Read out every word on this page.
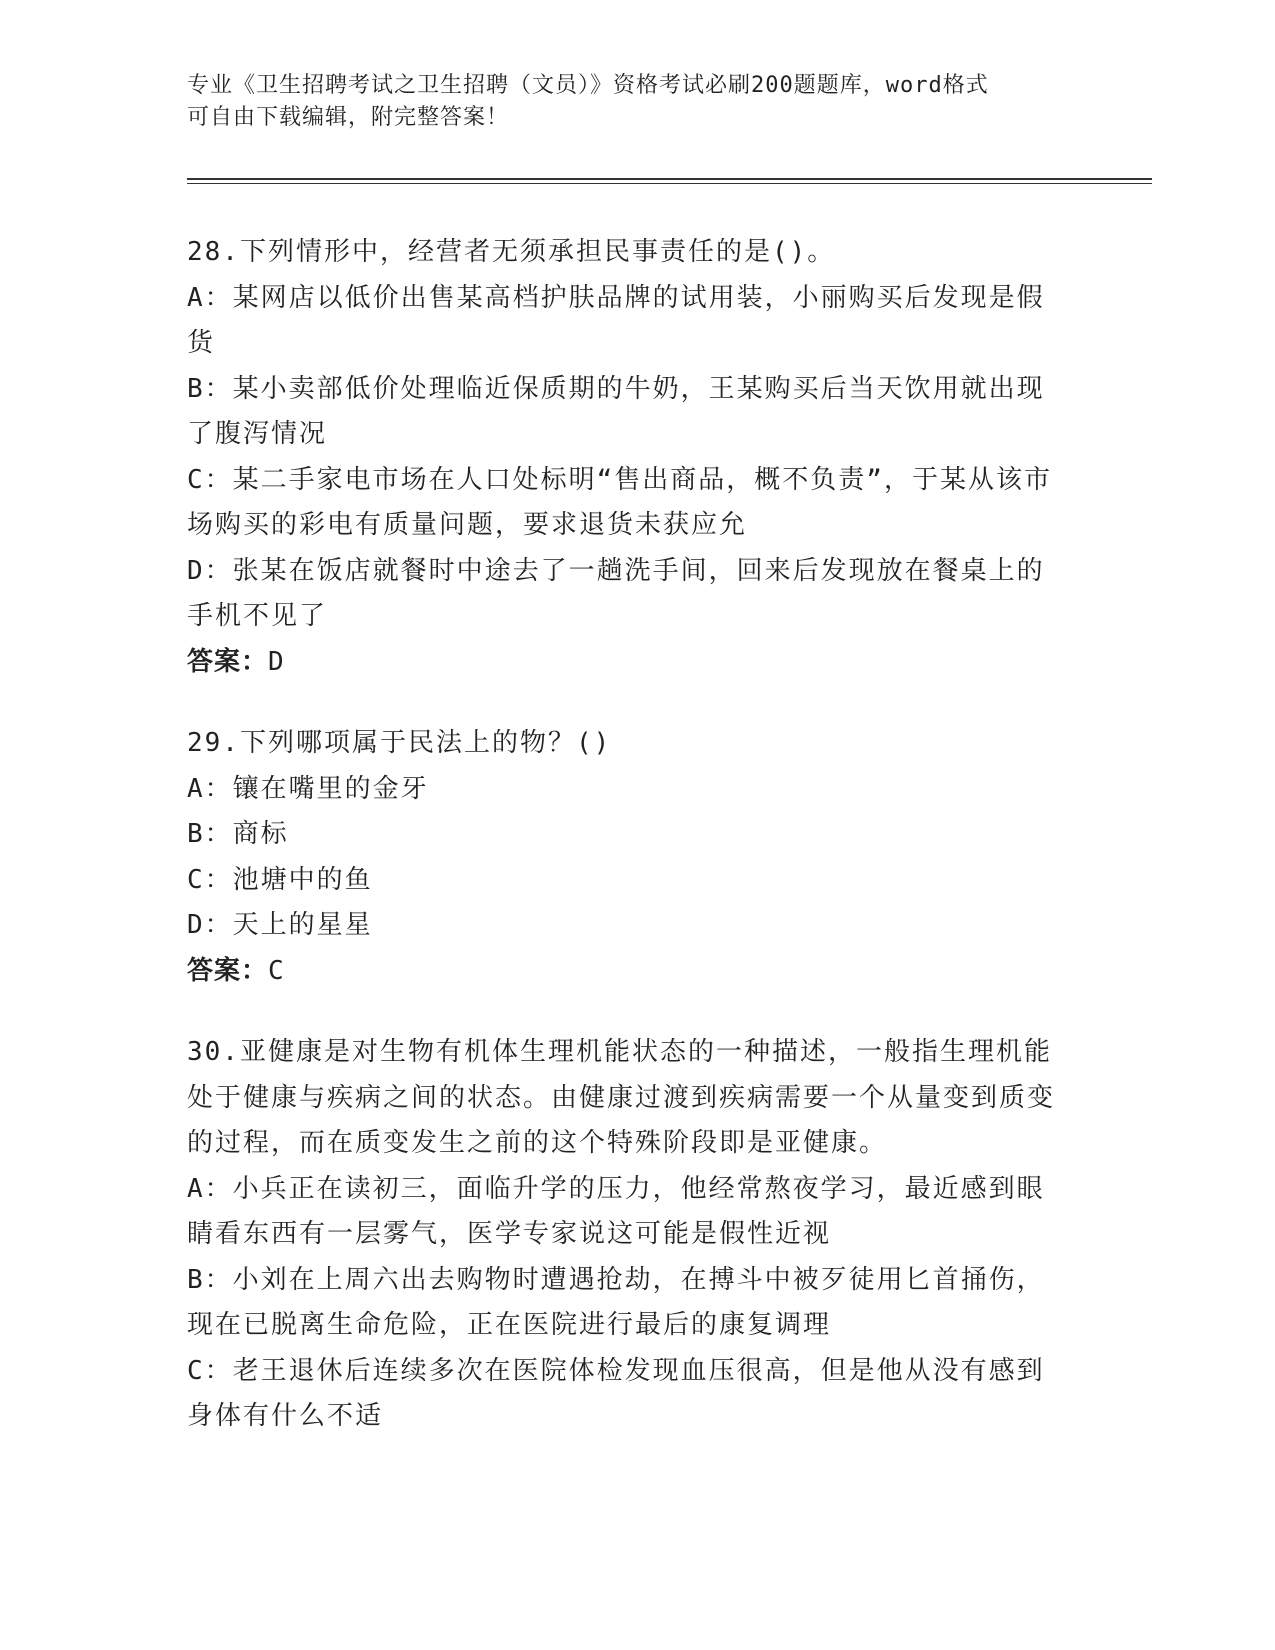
专业《卫生招聘考试之卫生招聘（文员）》资格考试必刷200题题库，word格式
可自由下载编辑，附完整答案！

28.下列情形中，经营者无须承担民事责任的是()。

A：某网店以低价出售某高档护肤品牌的试用装，小丽购买后发现是假货

B：某小卖部低价处理临近保质期的牛奶，王某购买后当天饮用就出现了腹泻情况

C：某二手家电市场在人口处标明“售出商品，概不负责”，于某从该市场购买的彩电有质量问题，要求退货未获应允

D：张某在饭店就餐时中途去了一趟洗手间，回来后发现放在餐桌上的手机不见了

答案：D

29.下列哪项属于民法上的物？()

A：镶在嘴里的金牙

B：商标

C：池塘中的鱼

D：天上的星星

答案：C

30.亚健康是对生物有机体生理机能状态的一种描述，一般指生理机能处于健康与疾病之间的状态。由健康过渡到疾病需要一个从量变到质变的过程，而在质变发生之前的这个特殊阶段即是亚健康。

A：小兵正在读初三，面临升学的压力，他经常熬夜学习，最近感到眼睛看东西有一层雾气，医学专家说这可能是假性近视

B：小刘在上周六出去购物时遭遇抢劫，在搏斗中被歹徒用匕首捅伤，现在已脱离生命危险，正在医院进行最后的康复调理

C：老王退休后连续多次在医院体检发现血压很高，但是他从没有感到身体有什么不适
